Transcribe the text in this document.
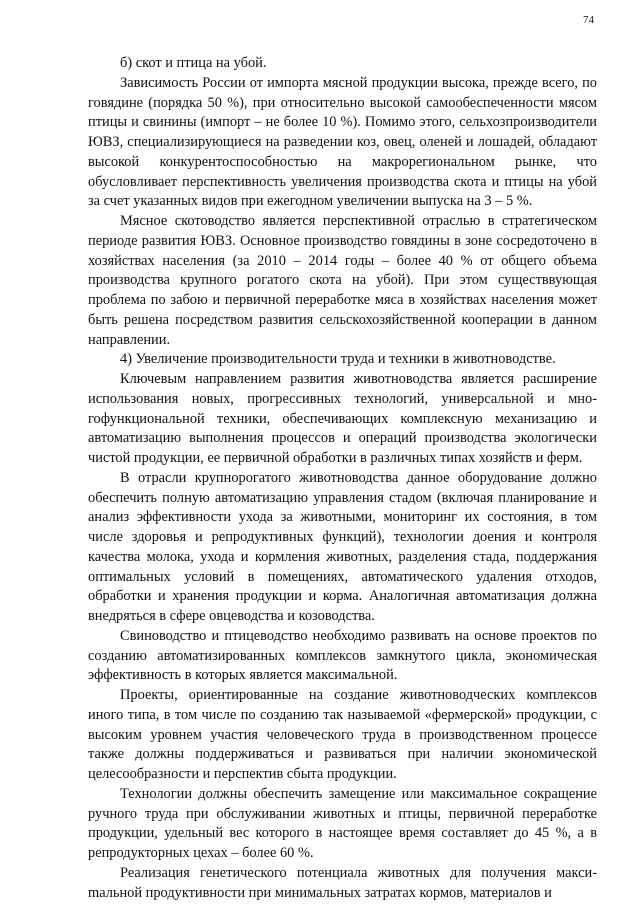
74

б) скот и птица на убой.

Зависимость России от импорта мясной продукции высока, прежде всего, по говядине (порядка 50 %), при относительно высокой самообеспеченности мясом птицы и свинины (импорт – не более 10 %). Помимо этого, сельхозпроизводители ЮВЗ, специализирующиеся на разведении коз, овец, оленей и лошадей, обладают высокой конкурентоспособностью на макрорегиональном рынке, что обусловливает перспективность увеличения производства скота и птицы на убой за счет указанных видов при ежегодном увеличении выпуска на 3 – 5 %.

Мясное скотоводство является перспективной отраслью в стратегическом периоде развития ЮВЗ. Основное производство говядины в зоне сосредоточено в хозяйствах населения (за 2010 – 2014 годы – более 40 % от общего объема производства крупного рогатого скота на убой). При этом существвующая проблема по забою и первичной переработке мяса в хозяйствах населения может быть решена посредством развития сельскохозяйственной кооперации в данном направлении.

4) Увеличение производительности труда и техники в животноводстве.

Ключевым направлением развития животноводства является расширение использования новых, прогрессивных технологий, универсальной и многофункциональной техники, обеспечивающих комплексную механизацию и автоматизацию выполнения процессов и операций производства экологически чистой продукции, ее первичной обработки в различных типах хозяйств и ферм.

В отрасли крупнорогатого животноводства данное оборудование должно обеспечить полную автоматизацию управления стадом (включая планирование и анализ эффективности ухода за животными, мониторинг их состояния, в том числе здоровья и репродуктивных функций), технологии доения и контроля качества молока, ухода и кормления животных, разделения стада, поддержания оптимальных условий в помещениях, автоматического удаления отходов, обработки и хранения продукции и корма. Аналогичная автоматизация должна внедряться в сфере овцеводства и козоводства.

Свиноводство и птицеводство необходимо развивать на основе проектов по созданию автоматизированных комплексов замкнутого цикла, экономическая эффективность в которых является максимальной.

Проекты, ориентированные на создание животноводческих комплексов иного типа, в том числе по созданию так называемой «фермерской» продукции, с высоким уровнем участия человеческого труда в производственном процессе также должны поддерживаться и развиваться при наличии экономической целесообразности и перспектив сбыта продукции.

Технологии должны обеспечить замещение или максимальное сокращение ручного труда при обслуживании животных и птицы, первичной переработке продукции, удельный вес которого в настоящее время составляет до 45 %, а в репродукторных цехах – более 60 %.

Реализация генетического потенциала животных для получения максиmальной продуктивности при минимальных затратах кормов, материалов и
